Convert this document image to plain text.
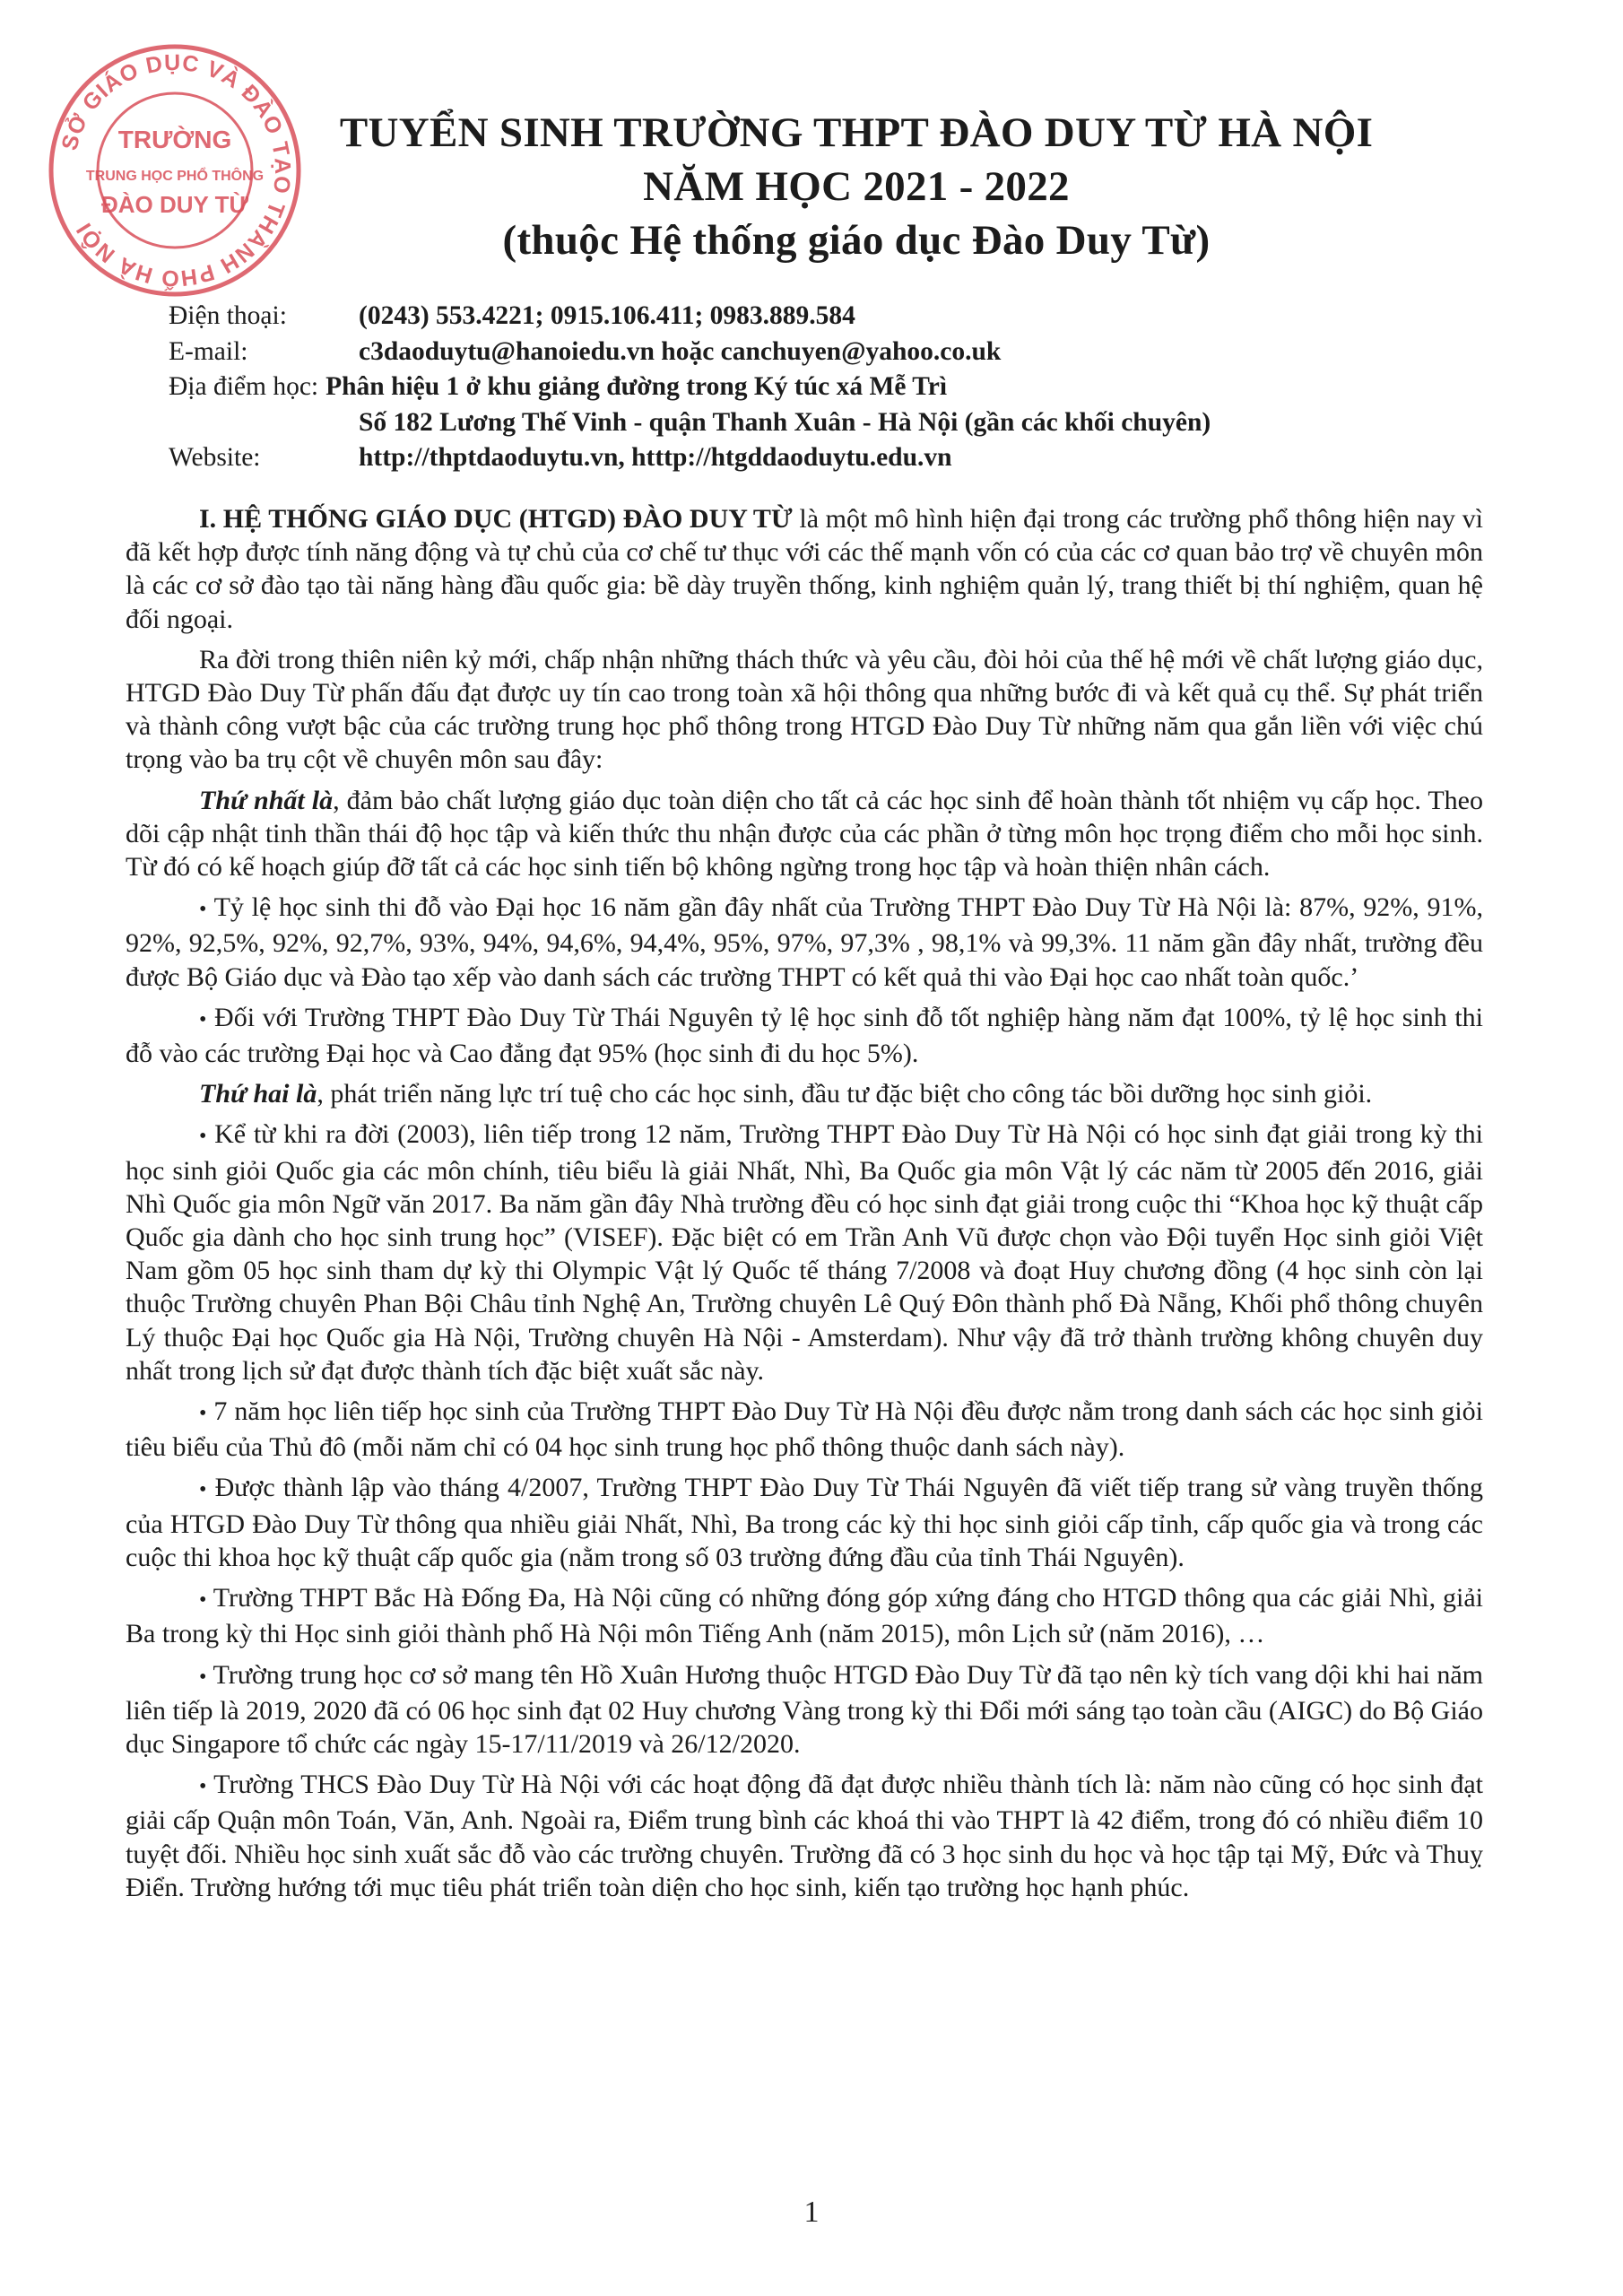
SỞ GIÁO DỤC VÀ ĐÀO TẠO THÀNH PHỐ HÀ NỘI
TRƯỜNG
TRUNG HỌC PHỔ THÔNG
ĐÀO DUY TỪ
TUYỂN SINH TRƯỜNG THPT ĐÀO DUY TỪ HÀ NỘI
NĂM HỌC 2021 - 2022
(thuộc Hệ thống giáo dục Đào Duy Từ)
Điện thoại:	(0243) 553.4221; 0915.106.411; 0983.889.584
E-mail:	c3daoduytu@hanoiedu.vn hoặc canchuyen@yahoo.co.uk
Địa điểm học: Phân hiệu 1 ở khu giảng đường trong Ký túc xá Mễ Trì
Số 182 Lương Thế Vinh - quận Thanh Xuân - Hà Nội (gần các khối chuyên)
Website:	http://thptdaoduytu.vn, htttp://htgddaoduytu.edu.vn

I. HỆ THỐNG GIÁO DỤC (HTGD) ĐÀO DUY TỪ là một mô hình hiện đại trong các trường phổ thông hiện nay vì đã kết hợp được tính năng động và tự chủ của cơ chế tư thục với các thế mạnh vốn có của các cơ quan bảo trợ về chuyên môn là các cơ sở đào tạo tài năng hàng đầu quốc gia: bề dày truyền thống, kinh nghiệm quản lý, trang thiết bị thí nghiệm, quan hệ đối ngoại.

Ra đời trong thiên niên kỷ mới, chấp nhận những thách thức và yêu cầu, đòi hỏi của thế hệ mới về chất lượng giáo dục, HTGD Đào Duy Từ phấn đấu đạt được uy tín cao trong toàn xã hội thông qua những bước đi và kết quả cụ thể. Sự phát triển và thành công vượt bậc của các trường trung học phổ thông trong HTGD Đào Duy Từ những năm qua gắn liền với việc chú trọng vào ba trụ cột về chuyên môn sau đây:

Thứ nhất là, đảm bảo chất lượng giáo dục toàn diện cho tất cả các học sinh để hoàn thành tốt nhiệm vụ cấp học. Theo dõi cập nhật tinh thần thái độ học tập và kiến thức thu nhận được của các phần ở từng môn học trọng điểm cho mỗi học sinh. Từ đó có kế hoạch giúp đỡ tất cả các học sinh tiến bộ không ngừng trong học tập và hoàn thiện nhân cách.

• Tỷ lệ học sinh thi đỗ vào Đại học 16 năm gần đây nhất của Trường THPT Đào Duy Từ Hà Nội là: 87%, 92%, 91%, 92%, 92,5%, 92%, 92,7%, 93%, 94%, 94,6%, 94,4%, 95%, 97%, 97,3% , 98,1% và 99,3%. 11 năm gần đây nhất, trường đều được Bộ Giáo dục và Đào tạo xếp vào danh sách các trường THPT có kết quả thi vào Đại học cao nhất toàn quốc.’

• Đối với Trường THPT Đào Duy Từ Thái Nguyên tỷ lệ học sinh đỗ tốt nghiệp hàng năm đạt 100%, tỷ lệ học sinh thi đỗ vào các trường Đại học và Cao đẳng đạt 95% (học sinh đi du học 5%).

Thứ hai là, phát triển năng lực trí tuệ cho các học sinh, đầu tư đặc biệt cho công tác bồi dưỡng học sinh giỏi.

• Kể từ khi ra đời (2003), liên tiếp trong 12 năm, Trường THPT Đào Duy Từ Hà Nội có học sinh đạt giải trong kỳ thi học sinh giỏi Quốc gia các môn chính, tiêu biểu là giải Nhất, Nhì, Ba Quốc gia môn Vật lý các năm từ 2005 đến 2016, giải Nhì Quốc gia môn Ngữ văn 2017. Ba năm gần đây Nhà trường đều có học sinh đạt giải trong cuộc thi “Khoa học kỹ thuật cấp Quốc gia dành cho học sinh trung học” (VISEF). Đặc biệt có em Trần Anh Vũ được chọn vào Đội tuyển Học sinh giỏi Việt Nam gồm 05 học sinh tham dự kỳ thi Olympic Vật lý Quốc tế tháng 7/2008 và đoạt Huy chương đồng (4 học sinh còn lại thuộc Trường chuyên Phan Bội Châu tỉnh Nghệ An, Trường chuyên Lê Quý Đôn thành phố Đà Nẵng, Khối phổ thông chuyên Lý thuộc Đại học Quốc gia Hà Nội, Trường chuyên Hà Nội - Amsterdam). Như vậy đã trở thành trường không chuyên duy nhất trong lịch sử đạt được thành tích đặc biệt xuất sắc này.

• 7 năm học liên tiếp học sinh của Trường THPT Đào Duy Từ Hà Nội đều được nằm trong danh sách các học sinh giỏi tiêu biểu của Thủ đô (mỗi năm chỉ có 04 học sinh trung học phổ thông thuộc danh sách này).

• Được thành lập vào tháng 4/2007, Trường THPT Đào Duy Từ Thái Nguyên đã viết tiếp trang sử vàng truyền thống của HTGD Đào Duy Từ thông qua nhiều giải Nhất, Nhì, Ba trong các kỳ thi học sinh giỏi cấp tỉnh, cấp quốc gia và trong các cuộc thi khoa học kỹ thuật cấp quốc gia (nằm trong số 03 trường đứng đầu của tỉnh Thái Nguyên).

• Trường THPT Bắc Hà Đống Đa, Hà Nội cũng có những đóng góp xứng đáng cho HTGD thông qua các giải Nhì, giải Ba trong kỳ thi Học sinh giỏi thành phố Hà Nội môn Tiếng Anh (năm 2015), môn Lịch sử (năm 2016), …

• Trường trung học cơ sở mang tên Hồ Xuân Hương thuộc HTGD Đào Duy Từ đã tạo nên kỳ tích vang dội khi hai năm liên tiếp là 2019, 2020 đã có 06 học sinh đạt 02 Huy chương Vàng trong kỳ thi Đổi mới sáng tạo toàn cầu (AIGC) do Bộ Giáo dục Singapore tổ chức các ngày 15-17/11/2019 và 26/12/2020.

• Trường THCS Đào Duy Từ Hà Nội với các hoạt động đã đạt được nhiều thành tích là: năm nào cũng có học sinh đạt giải cấp Quận môn Toán, Văn, Anh. Ngoài ra, Điểm trung bình các khoá thi vào THPT là 42 điểm, trong đó có nhiều điểm 10 tuyệt đối. Nhiều học sinh xuất sắc đỗ vào các trường chuyên. Trường đã có 3 học sinh du học và học tập tại Mỹ, Đức và Thuỵ Điển. Trường hướng tới mục tiêu phát triển toàn diện cho học sinh, kiến tạo trường học hạnh phúc.

1
